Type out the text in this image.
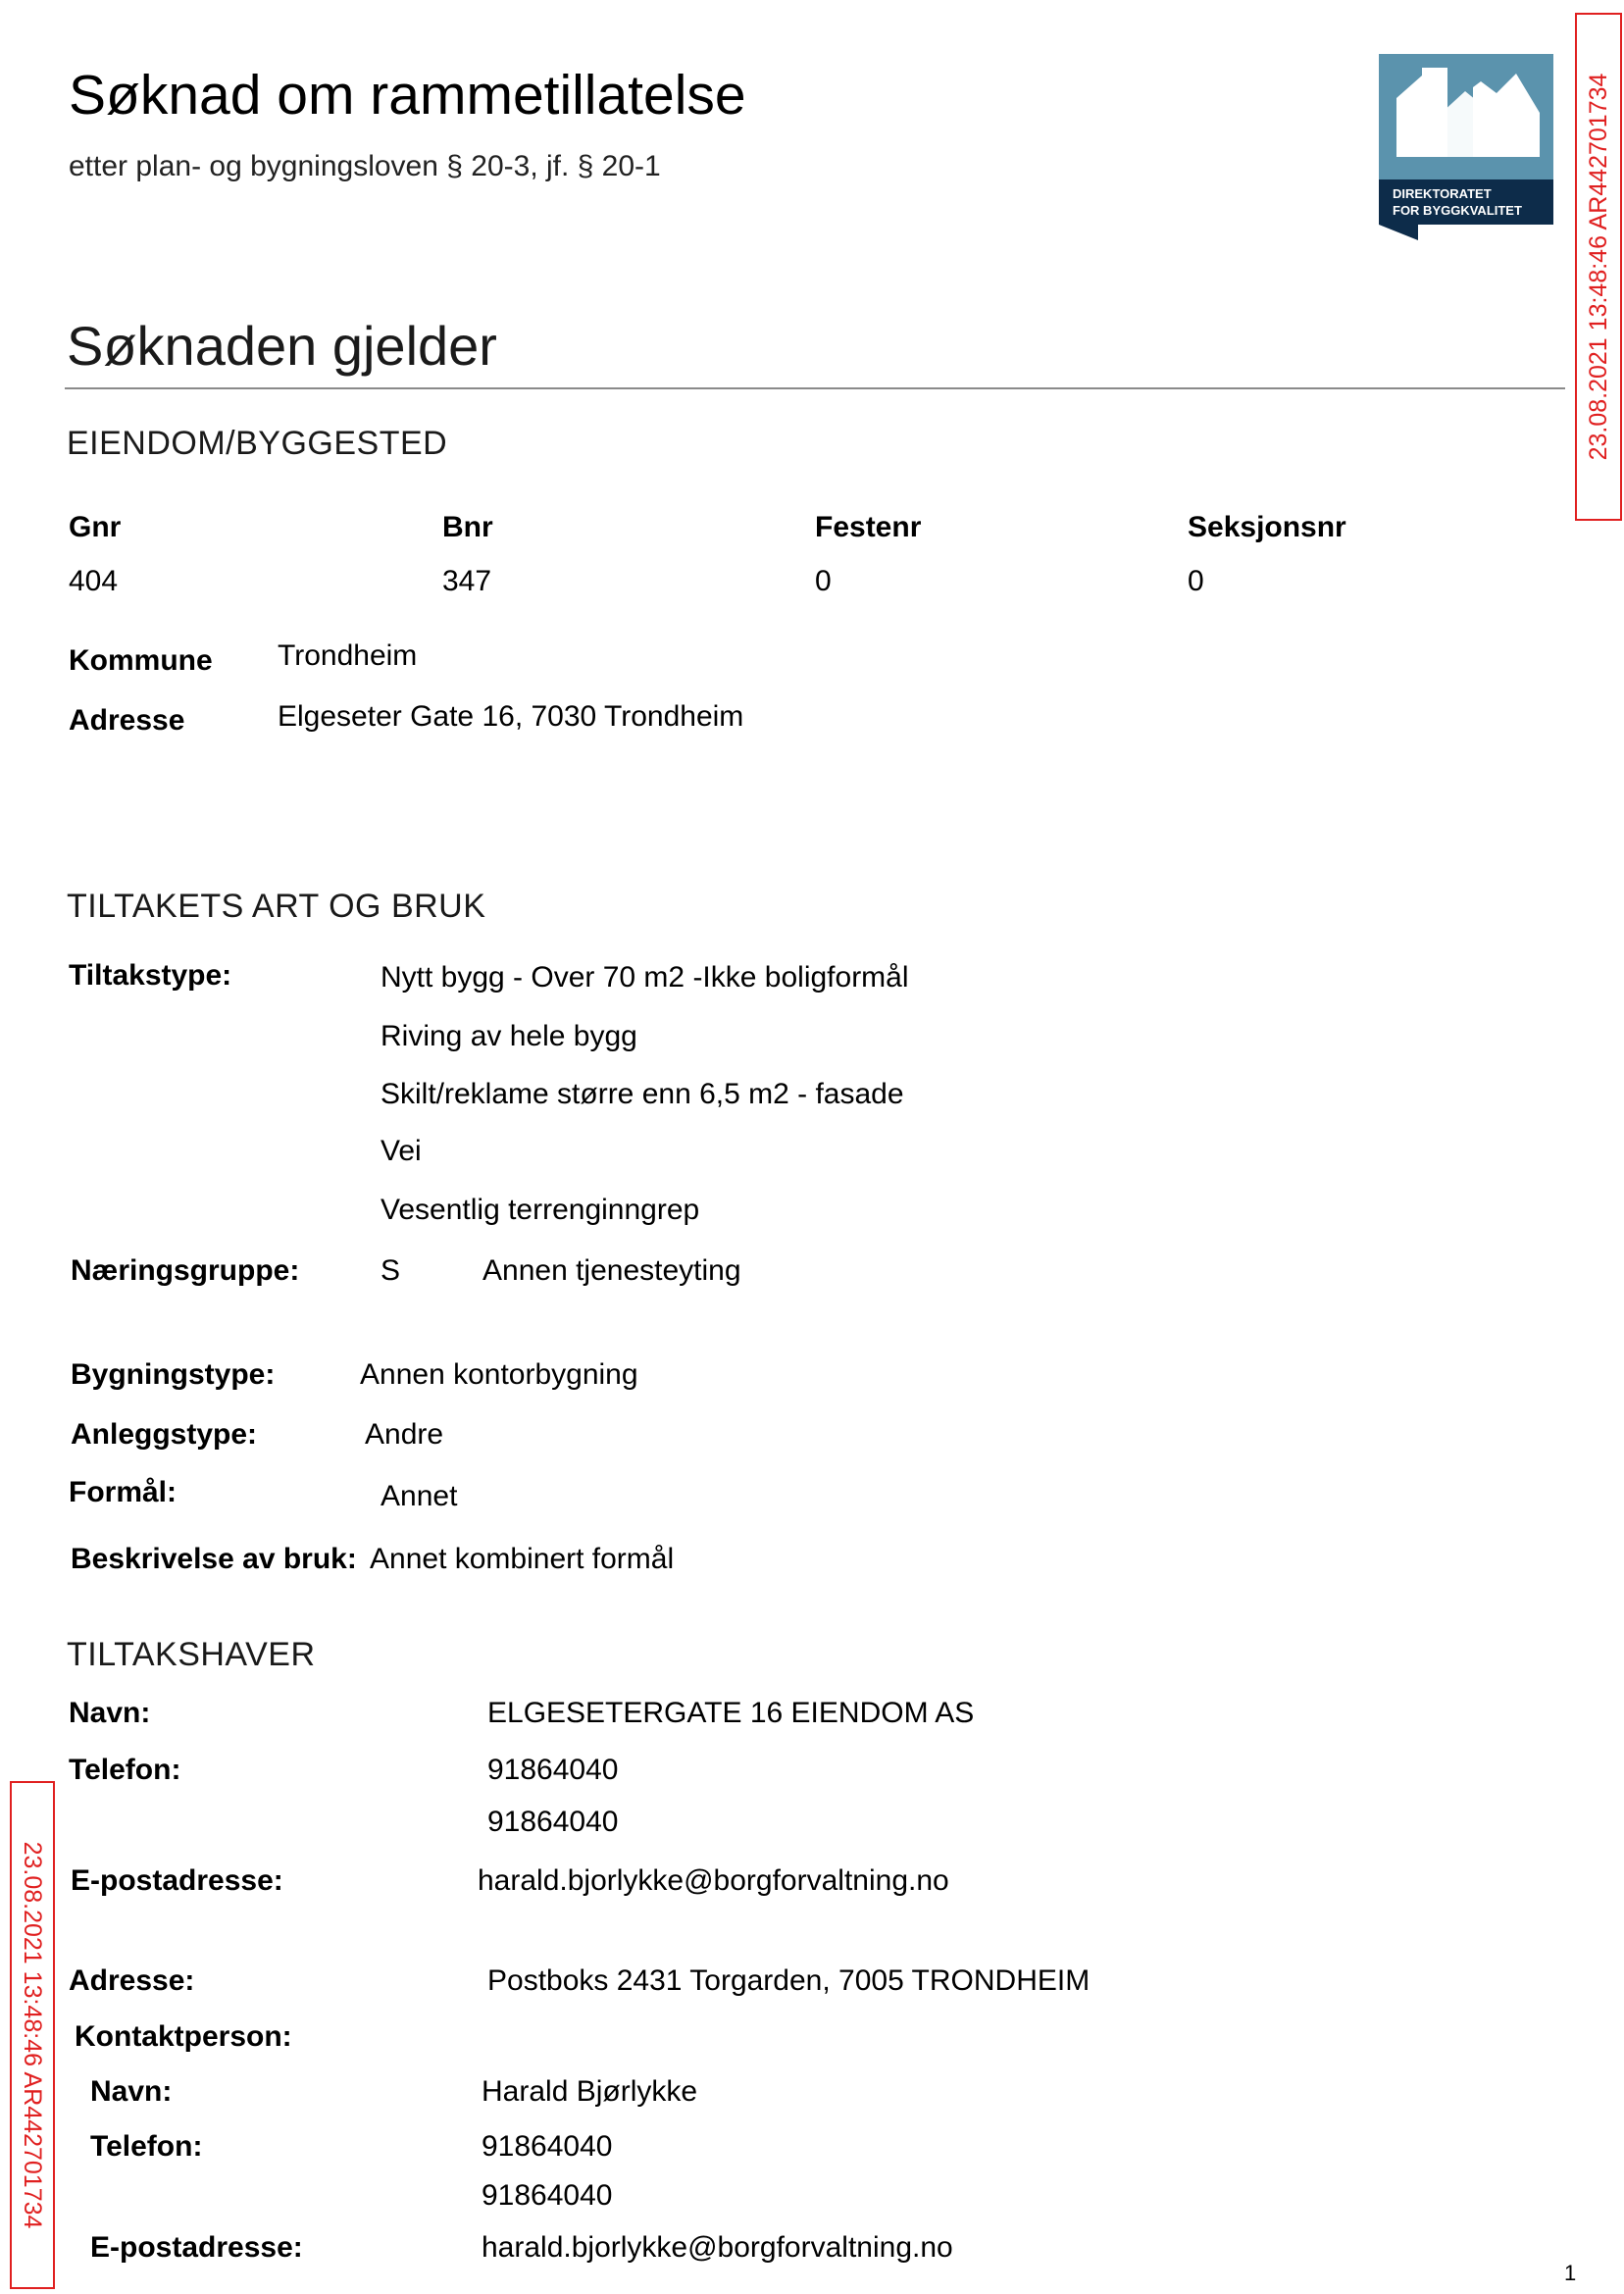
Søknad om rammetillatelse
etter plan- og bygningsloven § 20-3, jf. § 20-1
DIREKTORATET
FOR BYGGKVALITET
Søknaden gjelder
EIENDOM/BYGGESTED
Gnr	Bnr	Festenr	Seksjonsnr
404	347	0	0
Kommune Trondheim
Adresse	Elgeseter Gate 16, 7030 Trondheim
TILTAKETS ART OG BRUK
Tiltakstype:	Nytt bygg - Over 70 m2 -Ikke boligformål
Riving av hele bygg
Skilt/reklame større enn 6,5 m2 - fasade
Vei
Vesentlig terrenginngrep
Næringsgruppe:	S	Annen tjenesteyting
Bygningstype:	Annen kontorbygning
Anleggstype:	Andre
Formål:	Annet
Beskrivelse av bruk: Annet kombinert formål
TILTAKSHAVER
Navn:	ELGESETERGATE 16 EIENDOM AS
Telefon:	91864040
91864040
E-postadresse:	harald.bjorlykke@borgforvaltning.no
Adresse:	Postboks 2431 Torgarden, 7005 TRONDHEIM
Kontaktperson:
Navn:	Harald Bjørlykke
Telefon:	91864040
91864040
E-postadresse:	harald.bjorlykke@borgforvaltning.no
23.08.2021 13:48:46 AR442701734
23.08.2021 13:48:46 AR442701734
1
